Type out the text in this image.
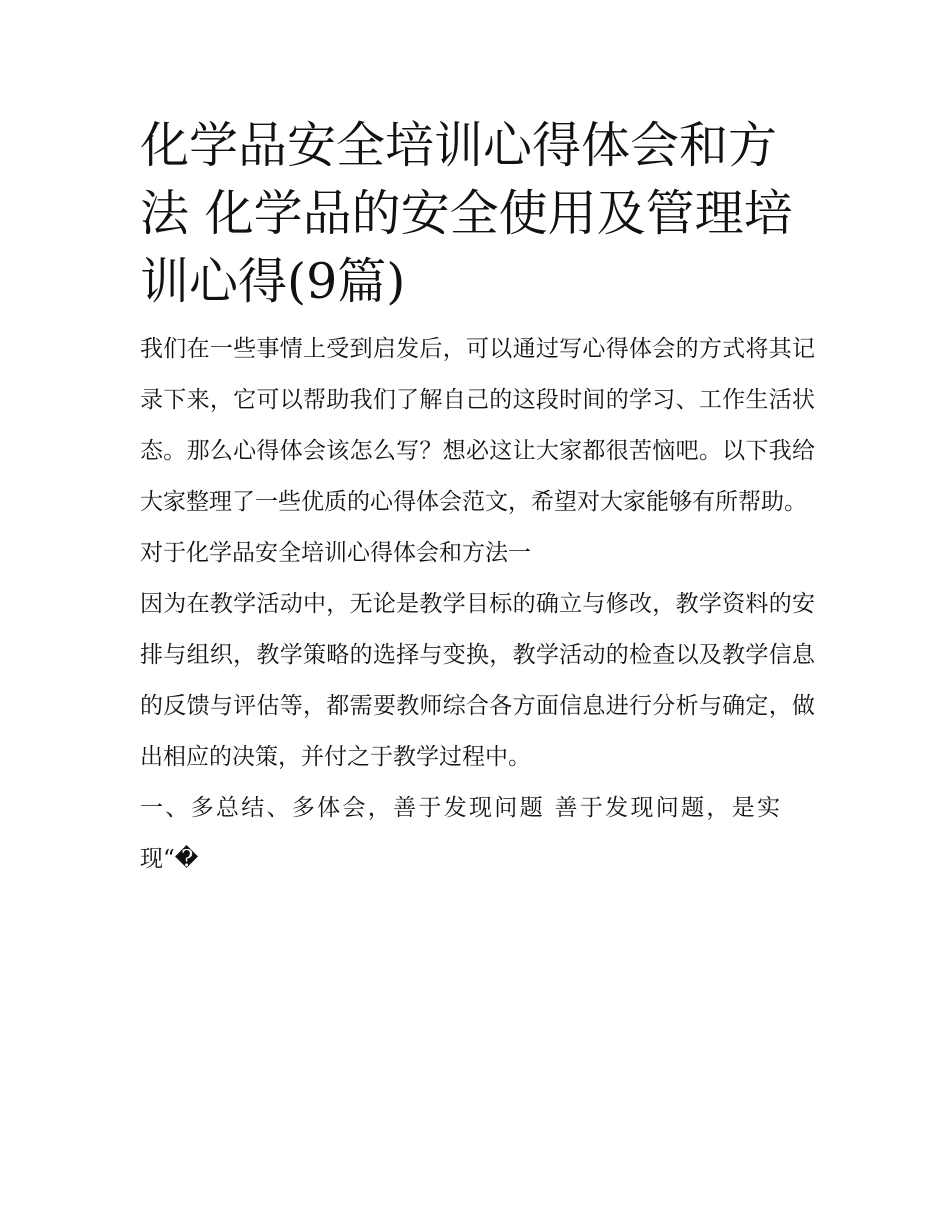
化学品安全培训心得体会和方法 化学品的安全使用及管理培训心得(9篇)

我们在一些事情上受到启发后，可以通过写心得体会的方式将其记录下来，它可以帮助我们了解自己的这段时间的学习、工作生活状态。那么心得体会该怎么写？想必这让大家都很苦恼吧。以下我给大家整理了一些优质的心得体会范文，希望对大家能够有所帮助。

对于化学品安全培训心得体会和方法一

因为在教学活动中，无论是教学目标的确立与修改，教学资料的安排与组织，教学策略的选择与变换，教学活动的检查以及教学信息的反馈与评估等，都需要教师综合各方面信息进行分析与确定，做出相应的决策，并付之于教学过程中。

一、多总结、多体会，善于发现问题 善于发现问题，是实现“�
